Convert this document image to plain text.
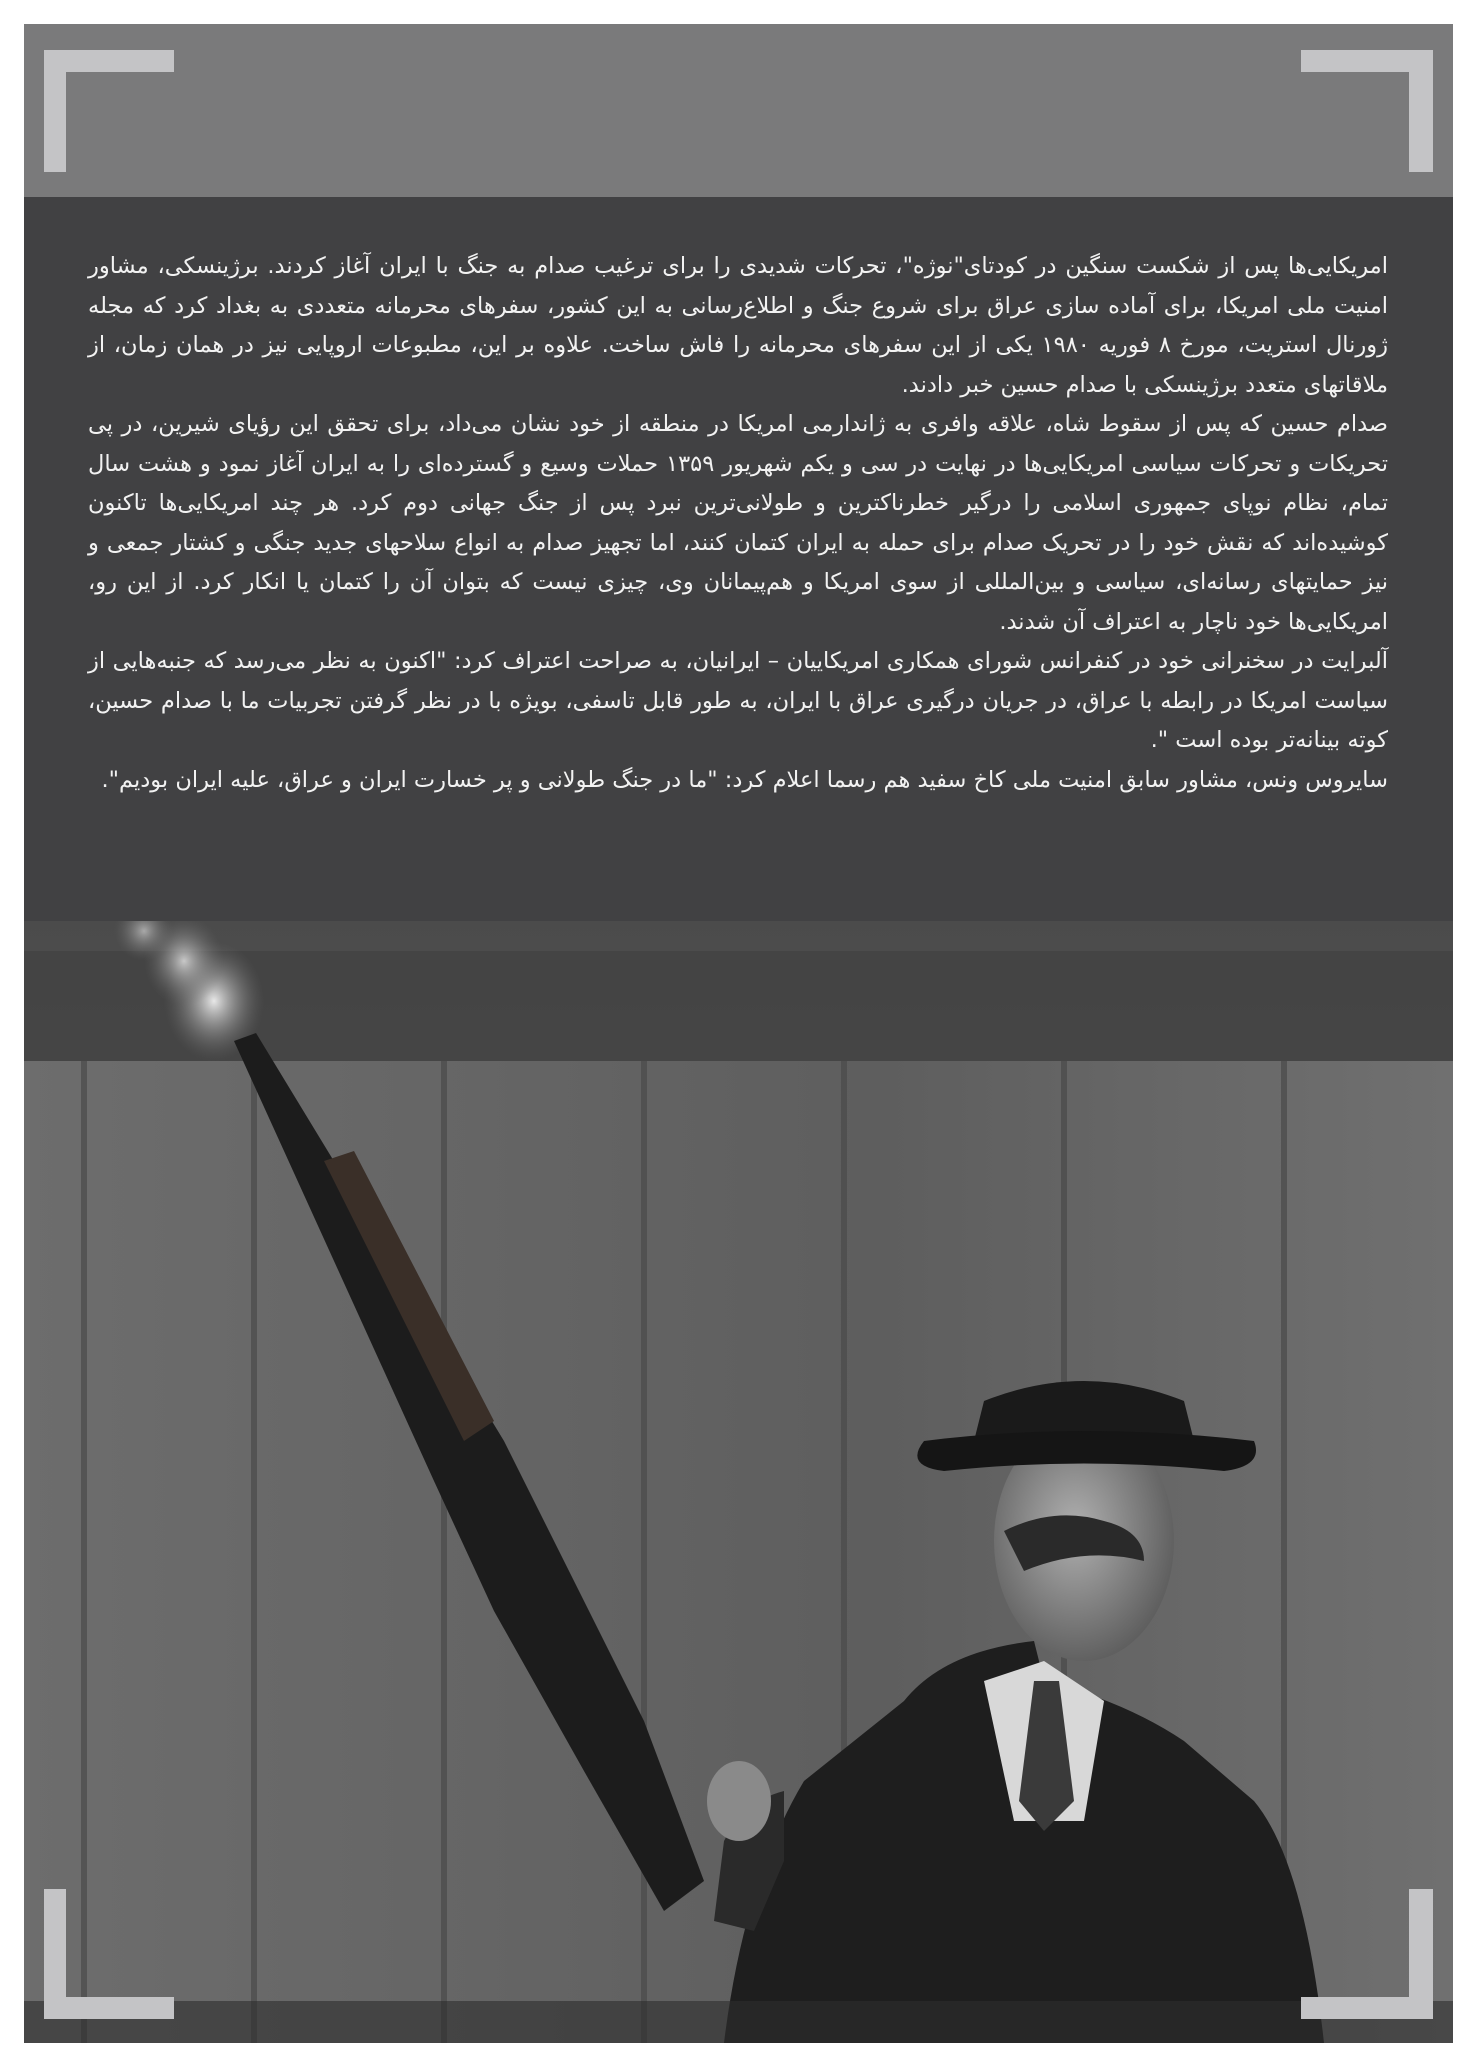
امریکایی‌ها پس از شکست سنگین در کودتای"نوژه"، تحرکات شدیدی را برای ترغیب صدام به جنگ با ایران آغاز کردند. برژینسکی، مشاور امنیت ملی امریکا، برای آماده سازی عراق برای شروع جنگ و اطلاع‌رسانی به این کشور، سفرهای محرمانه متعددی به بغداد کرد که مجله ژورنال استریت، مورخ ۸ فوریه ۱۹۸۰ یکی از این سفرهای محرمانه را فاش ساخت. علاوه بر این، مطبوعات اروپایی نیز در همان زمان، از ملاقاتهای متعدد برژینسکی با صدام حسین خبر دادند.

صدام حسین که پس از سقوط شاه، علاقه وافری به ژاندارمی امریکا در منطقه از خود نشان می‌داد، برای تحقق این رؤیای شیرین، در پی تحریکات و تحرکات سیاسی امریکایی‌ها در نهایت در سی و یکم شهریور ۱۳۵۹ حملات وسیع و گسترده‌ای را به ایران آغاز نمود و هشت سال تمام، نظام نوپای جمهوری اسلامی را درگیر خطرناکترین و طولانی‌ترین نبرد پس از جنگ جهانی دوم کرد. هر چند امریکایی‌ها تاکنون کوشیده‌اند که نقش خود را در تحریک صدام برای حمله به ایران کتمان کنند، اما تجهیز صدام به انواع سلاحهای جدید جنگی و کشتار جمعی و نیز حمایتهای رسانه‌ای، سیاسی و بین‌المللی از سوی امریکا و هم‌پیمانان وی، چیزی نیست که بتوان آن را کتمان یا انکار کرد. از این رو، امریکایی‌ها خود ناچار به اعتراف آن شدند.

آلبرایت در سخنرانی خود در کنفرانس شورای همکاری امریکاییان – ایرانیان، به صراحت اعتراف کرد: "اکنون به نظر می‌رسد که جنبه‌هایی از سیاست امریکا در رابطه با عراق، در جریان درگیری عراق با ایران، به طور قابل تاسفی، بویژه با در نظر گرفتن تجربیات ما با صدام حسین، کوته بینانه‌تر بوده است ".

سایروس ونس، مشاور سابق امنیت ملی کاخ سفید هم رسما اعلام کرد: "ما در جنگ طولانی و پر خسارت ایران و عراق، علیه ایران بودیم".
